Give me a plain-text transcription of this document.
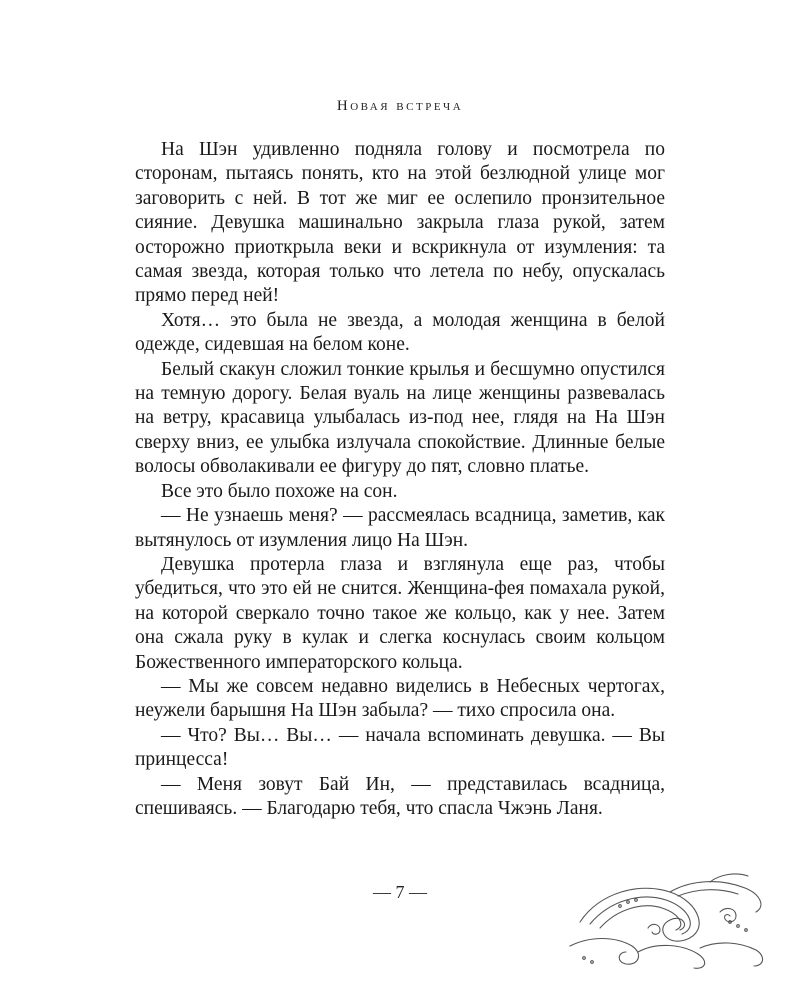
Новая встреча

На Шэн удивленно подняла голову и посмотрела по сторонам, пытаясь понять, кто на этой безлюдной улице мог заговорить с ней. В тот же миг ее ослепило пронзительное сияние. Девушка машинально закрыла глаза рукой, затем осторожно приоткрыла веки и вскрикнула от изумления: та самая звезда, которая только что летела по небу, опускалась прямо перед ней!

Хотя… это была не звезда, а молодая женщина в белой одежде, сидевшая на белом коне.

Белый скакун сложил тонкие крылья и бесшумно опустился на темную дорогу. Белая вуаль на лице женщины развевалась на ветру, красавица улыбалась из-под нее, глядя на На Шэн сверху вниз, ее улыбка излучала спокойствие. Длинные белые волосы обволакивали ее фигуру до пят, словно платье.

Все это было похоже на сон.

— Не узнаешь меня? — рассмеялась всадница, заметив, как вытянулось от изумления лицо На Шэн.

Девушка протерла глаза и взглянула еще раз, чтобы убедиться, что это ей не снится. Женщина-фея помахала рукой, на которой сверкало точно такое же кольцо, как у нее. Затем она сжала руку в кулак и слегка коснулась своим кольцом Божественного императорского кольца.

— Мы же совсем недавно виделись в Небесных чертогах, неужели барышня На Шэн забыла? — тихо спросила она.

— Что? Вы… Вы… — начала вспоминать девушка. — Вы принцесса!

— Меня зовут Бай Ин, — представилась всадница, спешиваясь. — Благодарю тебя, что спасла Чжэнь Ланя.

— 7 —
